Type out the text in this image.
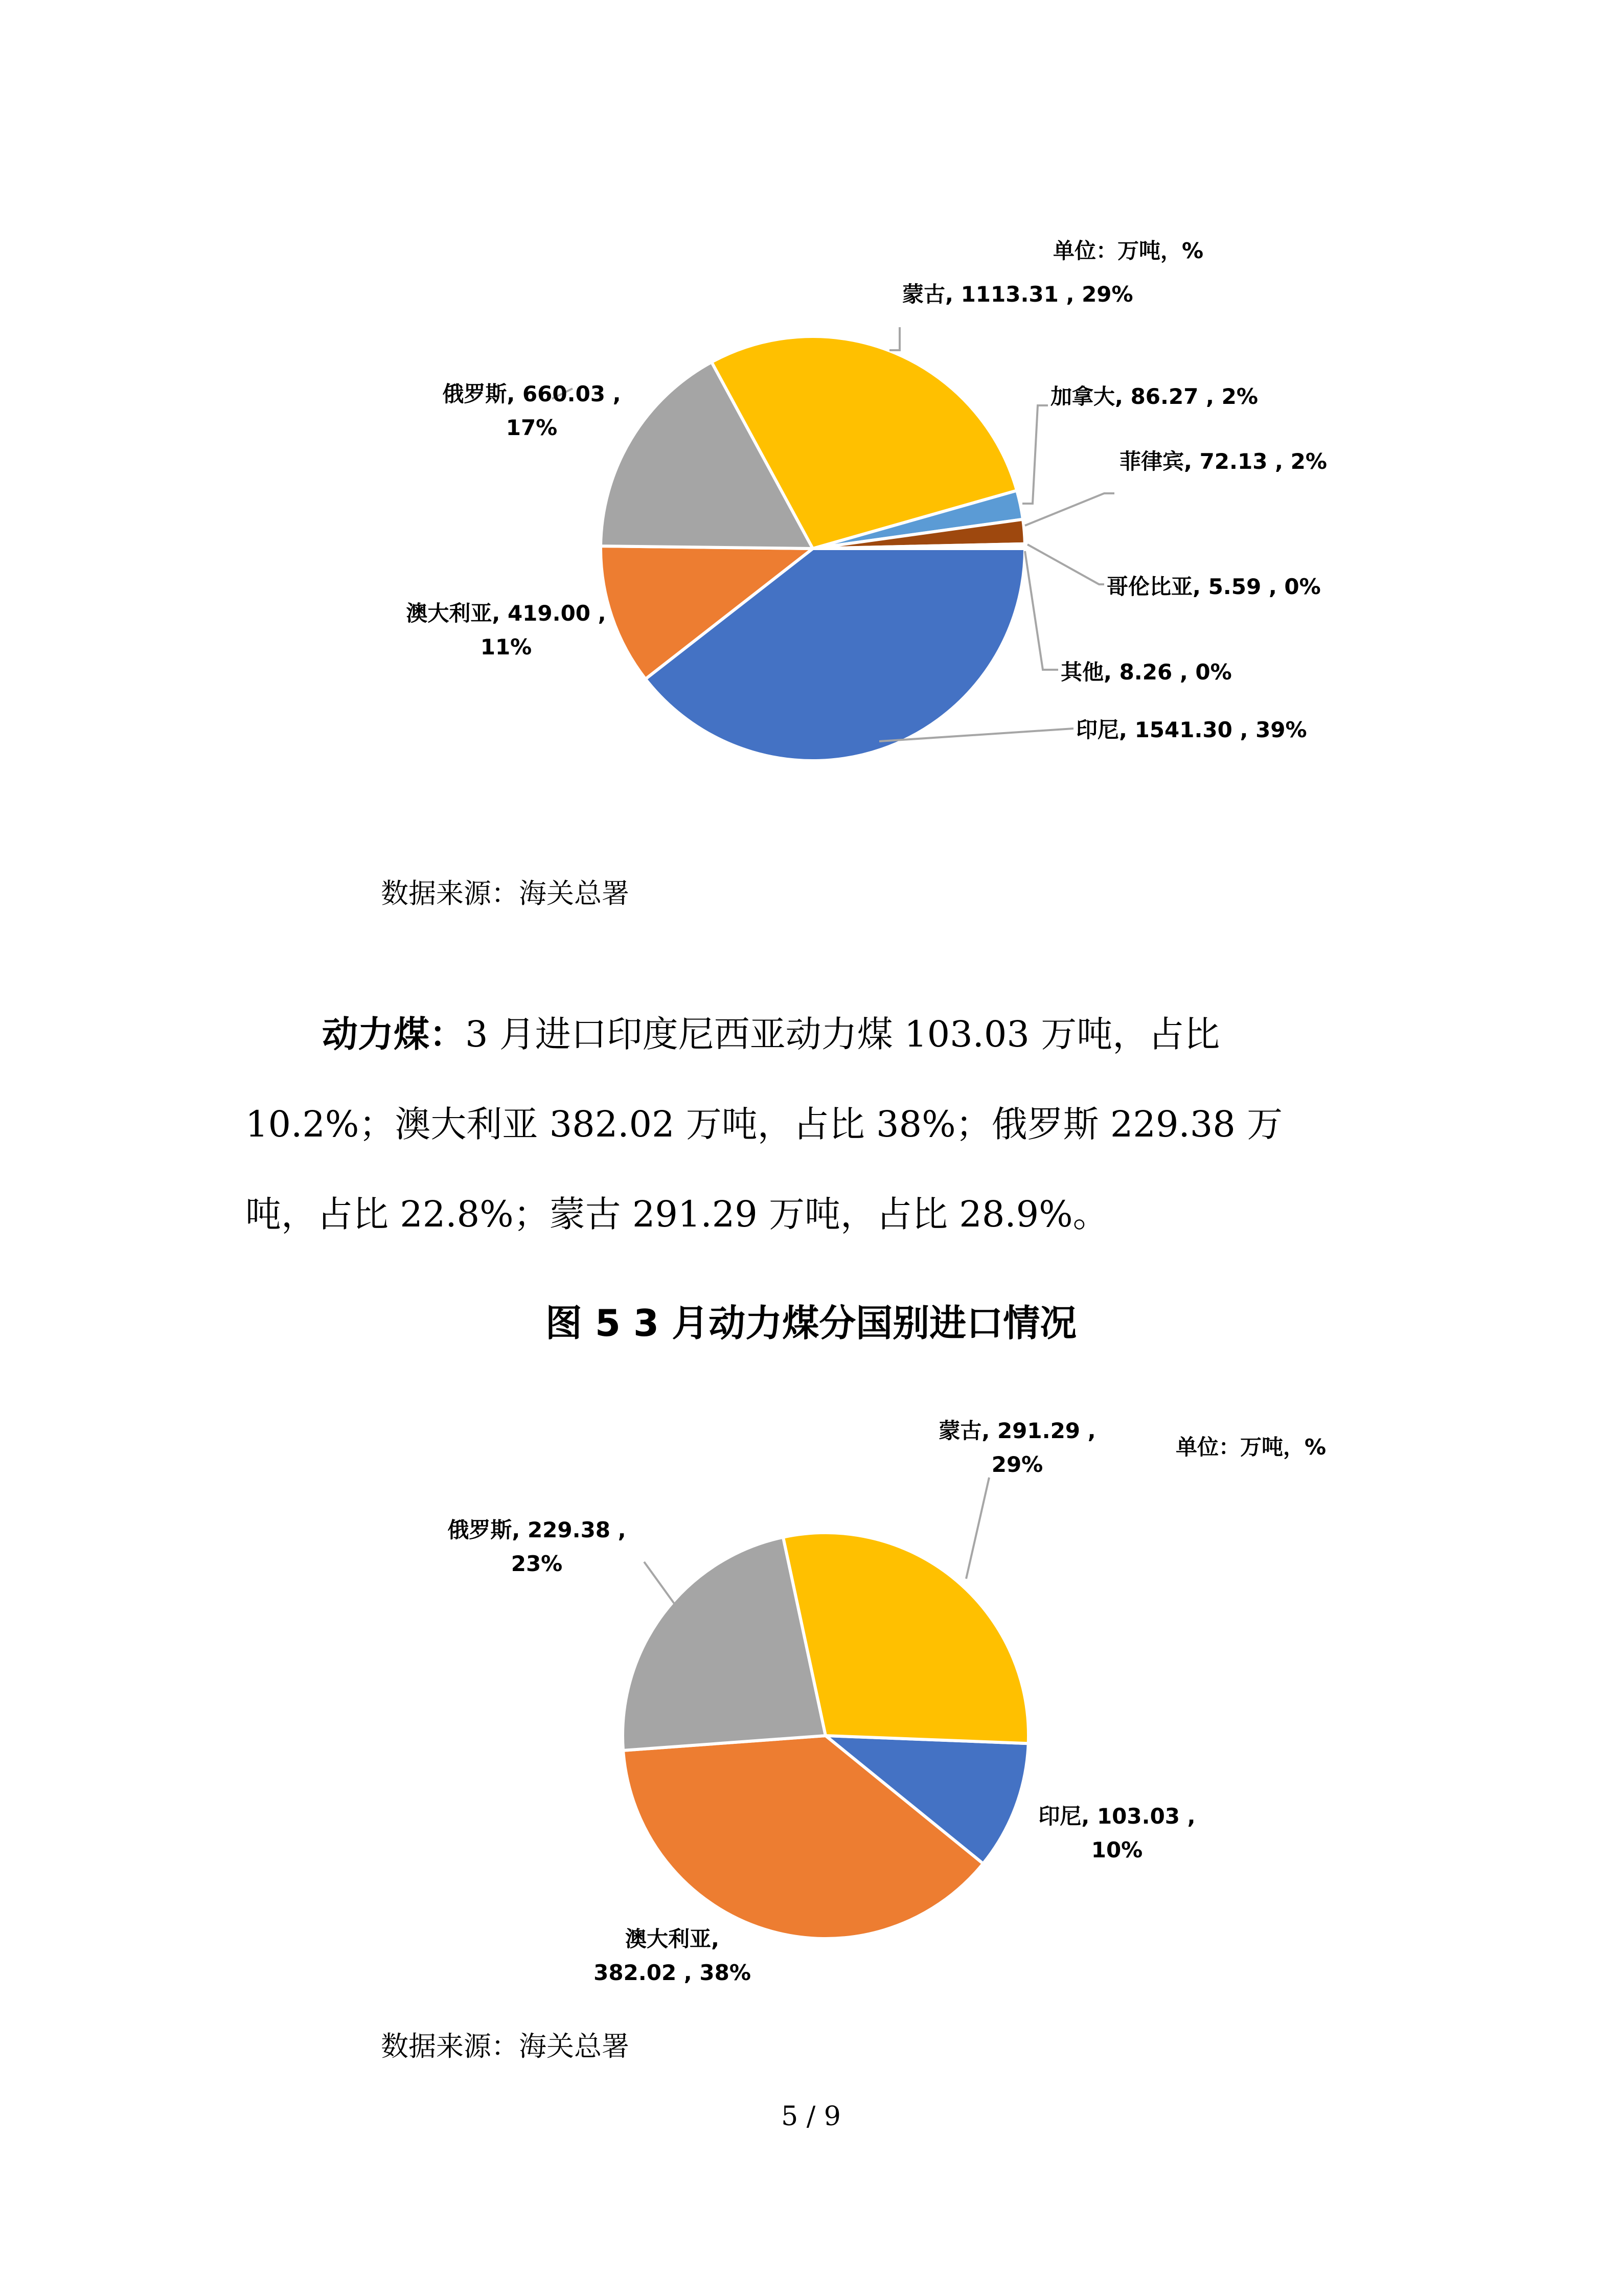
单位：万吨，%
蒙古, 1113.31 , 29%
俄罗斯, 660.03 ,
17%
加拿大, 86.27 , 2%
菲律宾, 72.13 , 2%
哥伦比亚, 5.59 , 0%
澳大利亚, 419.00 ,
11%
其他, 8.26 , 0%
印尼, 1541.30 , 39%
数据来源：海关总署
动力煤：3 月进口印度尼西亚动力煤 103.03 万吨，占比 10.2%；澳大利亚 382.02 万吨，占比 38%；俄罗斯 229.38 万吨，占比 22.8%；蒙古 291.29 万吨，占比 28.9%。
图 5 3 月动力煤分国别进口情况
单位：万吨，%
蒙古, 291.29 ,
29%
俄罗斯, 229.38 ,
23%
印尼, 103.03 ,
10%
澳大利亚,
382.02 , 38%
数据来源：海关总署
5 / 9
